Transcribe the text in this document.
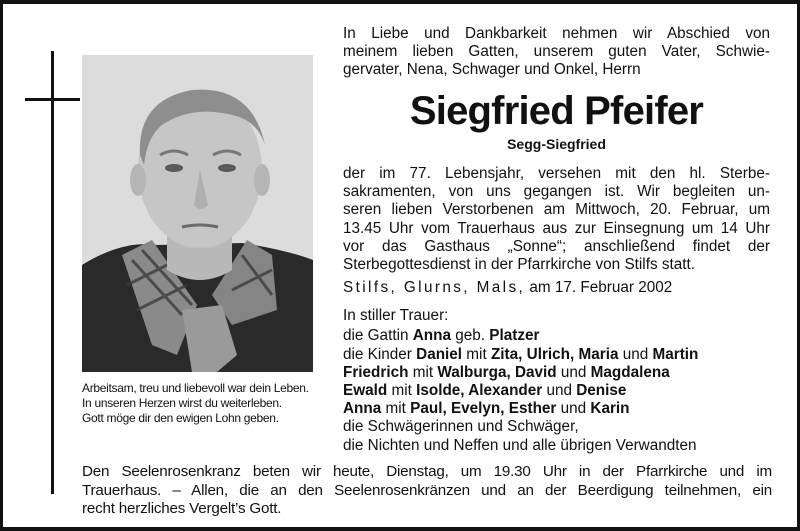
Arbeitsam, treu und liebevoll war dein Leben.
In unseren Herzen wirst du weiterleben.
Gott möge dir den ewigen Lohn geben.
In Liebe und Dankbarkeit nehmen wir Abschied von
meinem lieben Gatten, unserem guten Vater, Schwie-
gervater, Nena, Schwager und Onkel, Herrn
Siegfried Pfeifer
Segg-Siegfried
der im 77. Lebensjahr, versehen mit den hl. Sterbe-
sakramenten, von uns gegangen ist. Wir begleiten un-
seren lieben Verstorbenen am Mittwoch, 20. Februar, um
13.45 Uhr vom Trauerhaus aus zur Einsegnung um 14 Uhr
vor das Gasthaus „Sonne“; anschließend findet der
Sterbegottesdienst in der Pfarrkirche von Stilfs statt.
Stilfs, Glurns, Mals, am 17. Februar 2002
In stiller Trauer:
die Gattin Anna geb. Platzer
die Kinder Daniel mit Zita, Ulrich, Maria und Martin
Friedrich mit Walburga, David und Magdalena
Ewald mit Isolde, Alexander und Denise
Anna mit Paul, Evelyn, Esther und Karin
die Schwägerinnen und Schwäger,
die Nichten und Neffen und alle übrigen Verwandten
Den Seelenrosenkranz beten wir heute, Dienstag, um 19.30 Uhr in der Pfarrkirche und im
Trauerhaus. – Allen, die an den Seelenrosenkränzen und an der Beerdigung teilnehmen, ein
recht herzliches Vergelt’s Gott.
